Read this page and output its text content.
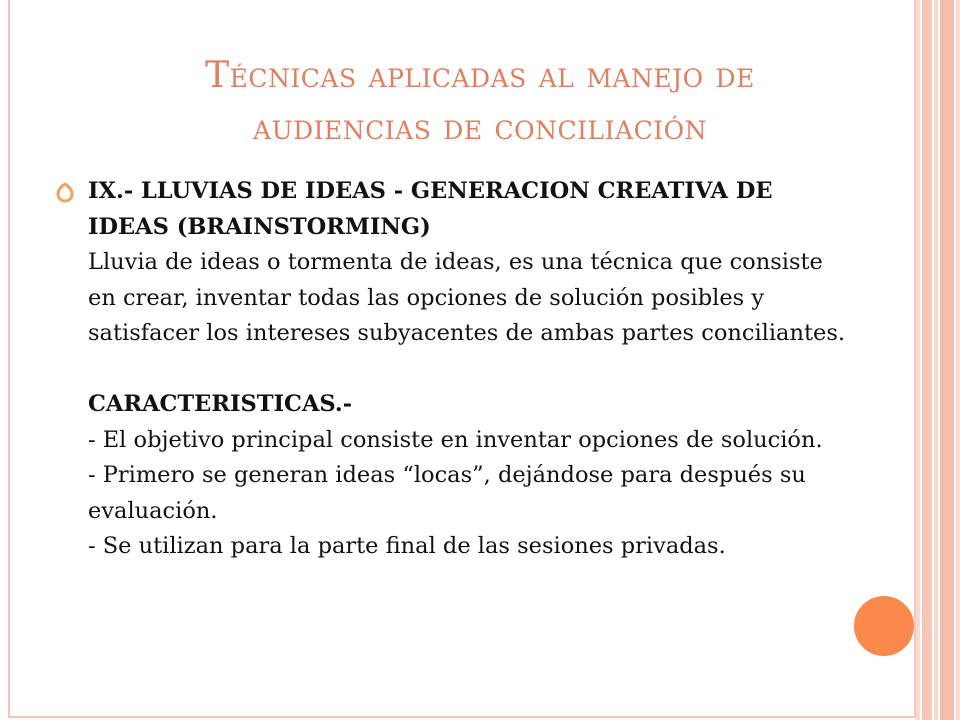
Técnicas aplicadas al manejo de
audiencias de conciliación

IX.- LLUVIAS DE IDEAS - GENERACION CREATIVA DE IDEAS (BRAINSTORMING)

Lluvia de ideas o tormenta de ideas, es una técnica que consiste en crear, inventar todas las opciones de solución posibles y satisfacer los intereses subyacentes de ambas partes conciliantes.

CARACTERISTICAS.-

- El objetivo principal consiste en inventar opciones de solución.

- Primero se generan ideas “locas”, dejándose para después su evaluación.

- Se utilizan para la parte final de las sesiones privadas.
